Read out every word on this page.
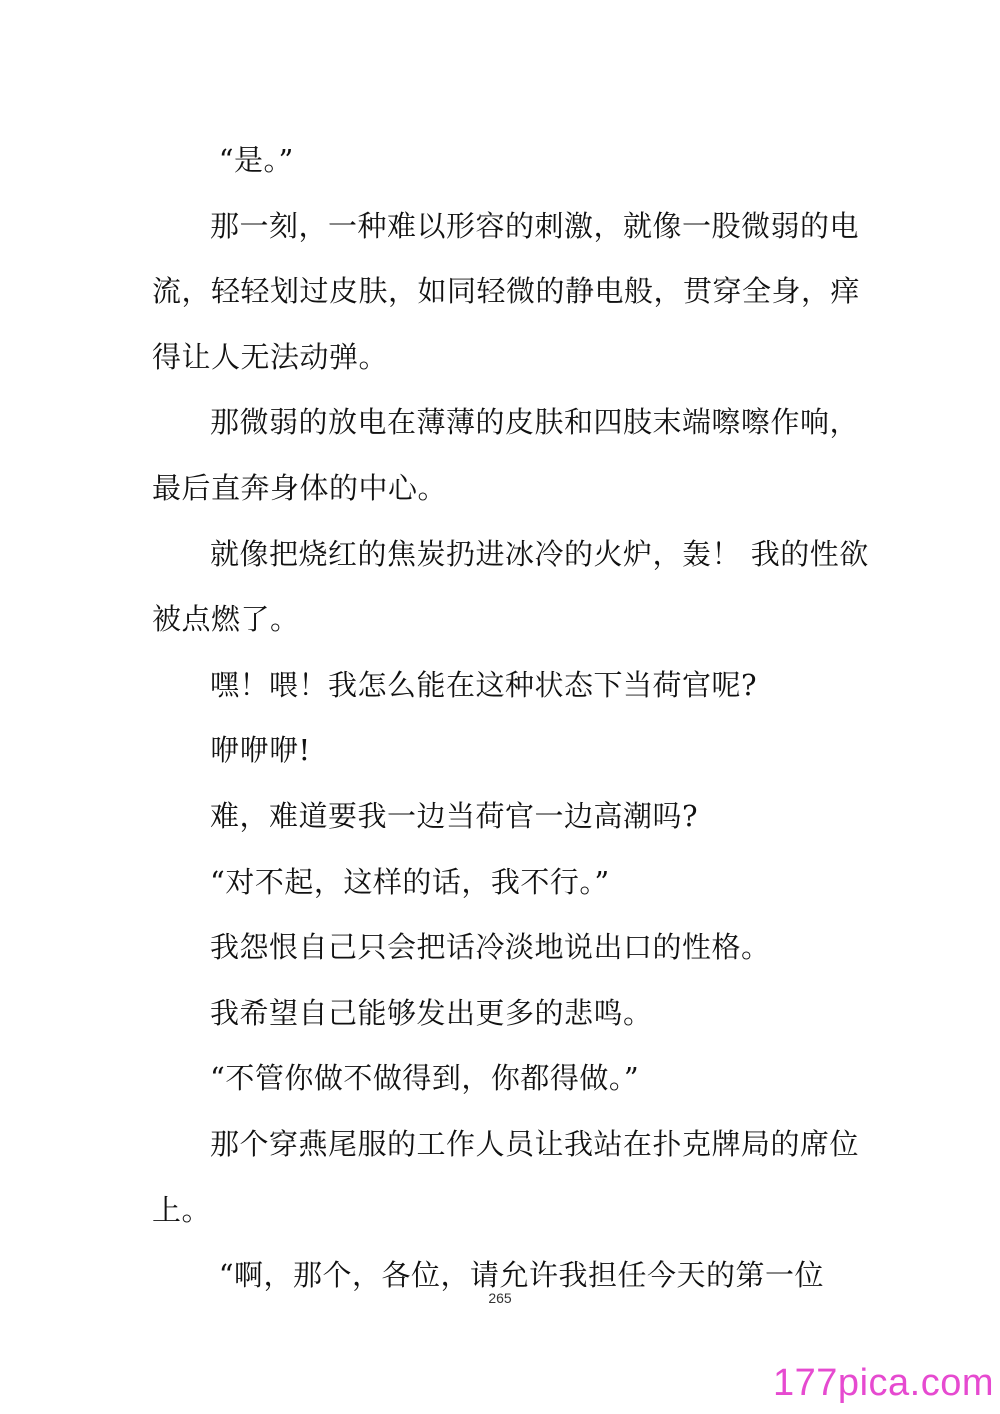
“是。”

那一刻，一种难以形容的刺激，就像一股微弱的电流，轻轻划过皮肤，如同轻微的静电般，贯穿全身，痒得让人无法动弹。

那微弱的放电在薄薄的皮肤和四肢末端嚓嚓作响，最后直奔身体的中心。

就像把烧红的焦炭扔进冰冷的火炉，轰！ 我的性欲被点燃了。

嘿！喂！我怎么能在这种状态下当荷官呢?

咿咿咿!

难，难道要我一边当荷官一边高潮吗?

“对不起，这样的话，我不行。”

我怨恨自己只会把话冷淡地说出口的性格。

我希望自己能够发出更多的悲鸣。

“不管你做不做得到，你都得做。”

那个穿燕尾服的工作人员让我站在扑克牌局的席位上。

“啊，那个，各位，请允许我担任今天的第一位

265
177pica.com
